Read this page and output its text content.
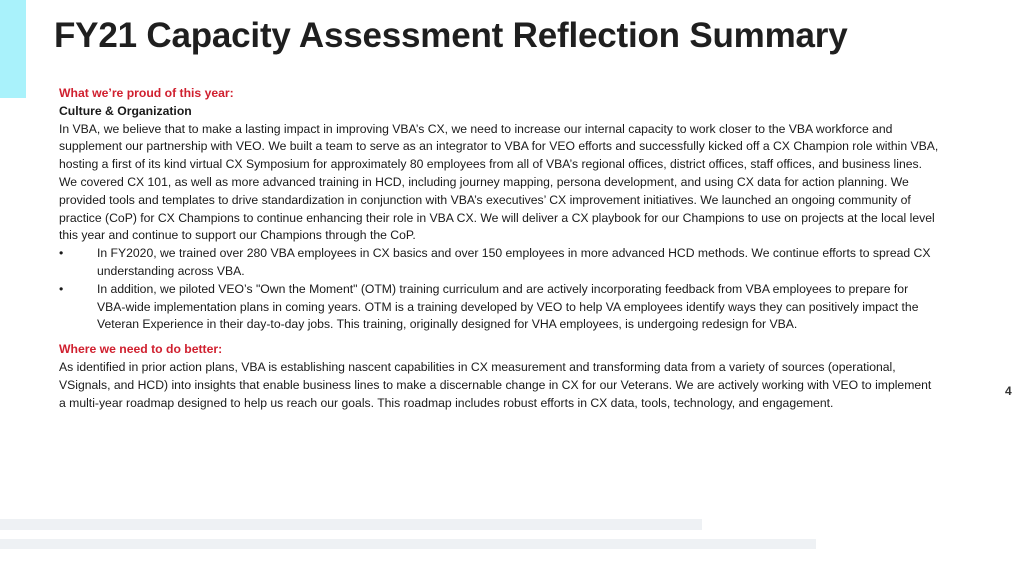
FY21 Capacity Assessment Reflection Summary

What we’re proud of this year:

Culture & Organization

In VBA, we believe that to make a lasting impact in improving VBA’s CX, we need to increase our internal capacity to work closer to the VBA workforce and supplement our partnership with VEO. We built a team to serve as an integrator to VBA for VEO efforts and successfully kicked off a CX Champion role within VBA, hosting a first of its kind virtual CX Symposium for approximately 80 employees from all of VBA’s regional offices, district offices, staff offices, and business lines. We covered CX 101, as well as more advanced training in HCD, including journey mapping, persona development, and using CX data for action planning. We provided tools and templates to drive standardization in conjunction with VBA’s executives’ CX improvement initiatives. We launched an ongoing community of practice (CoP) for CX Champions to continue enhancing their role in VBA CX. We will deliver a CX playbook for our Champions to use on projects at the local level this year and continue to support our Champions through the CoP.

•	In FY2020, we trained over 280 VBA employees in CX basics and over 150 employees in more advanced HCD methods. We continue efforts to spread CX understanding across VBA.
•	In addition, we piloted VEO’s "Own the Moment" (OTM) training curriculum and are actively incorporating feedback from VBA employees to prepare for VBA-wide implementation plans in coming years. OTM is a training developed by VEO to help VA employees identify ways they can positively impact the Veteran Experience in their day-to-day jobs. This training, originally designed for VHA employees, is undergoing redesign for VBA.

Where we need to do better:

As identified in prior action plans, VBA is establishing nascent capabilities in CX measurement and transforming data from a variety of sources (operational, VSignals, and HCD) into insights that enable business lines to make a discernable change in CX for our Veterans. We are actively working with VEO to implement a multi-year roadmap designed to help us reach our goals. This roadmap includes robust efforts in CX data, tools, technology, and engagement.

4
